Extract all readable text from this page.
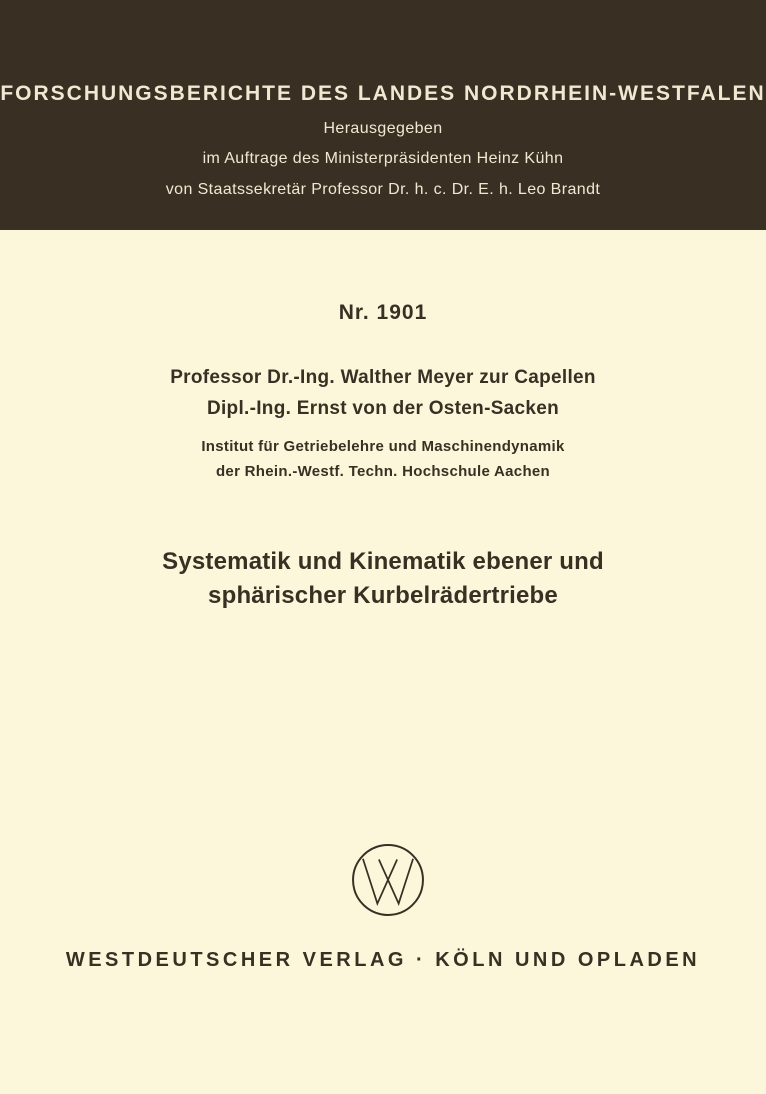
FORSCHUNGSBERICHTE DES LANDES NORDRHEIN-WESTFALEN
Herausgegeben
im Auftrage des Ministerpräsidenten Heinz Kühn
von Staatssekretär Professor Dr. h. c. Dr. E. h. Leo Brandt
Nr. 1901
Professor Dr.-Ing. Walther Meyer zur Capellen
Dipl.-Ing. Ernst von der Osten-Sacken
Institut für Getriebelehre und Maschinendynamik
der Rhein.-Westf. Techn. Hochschule Aachen
Systematik und Kinematik ebener und
sphärischer Kurbelrädertriebe
WESTDEUTSCHER VERLAG · KÖLN UND OPLADEN
